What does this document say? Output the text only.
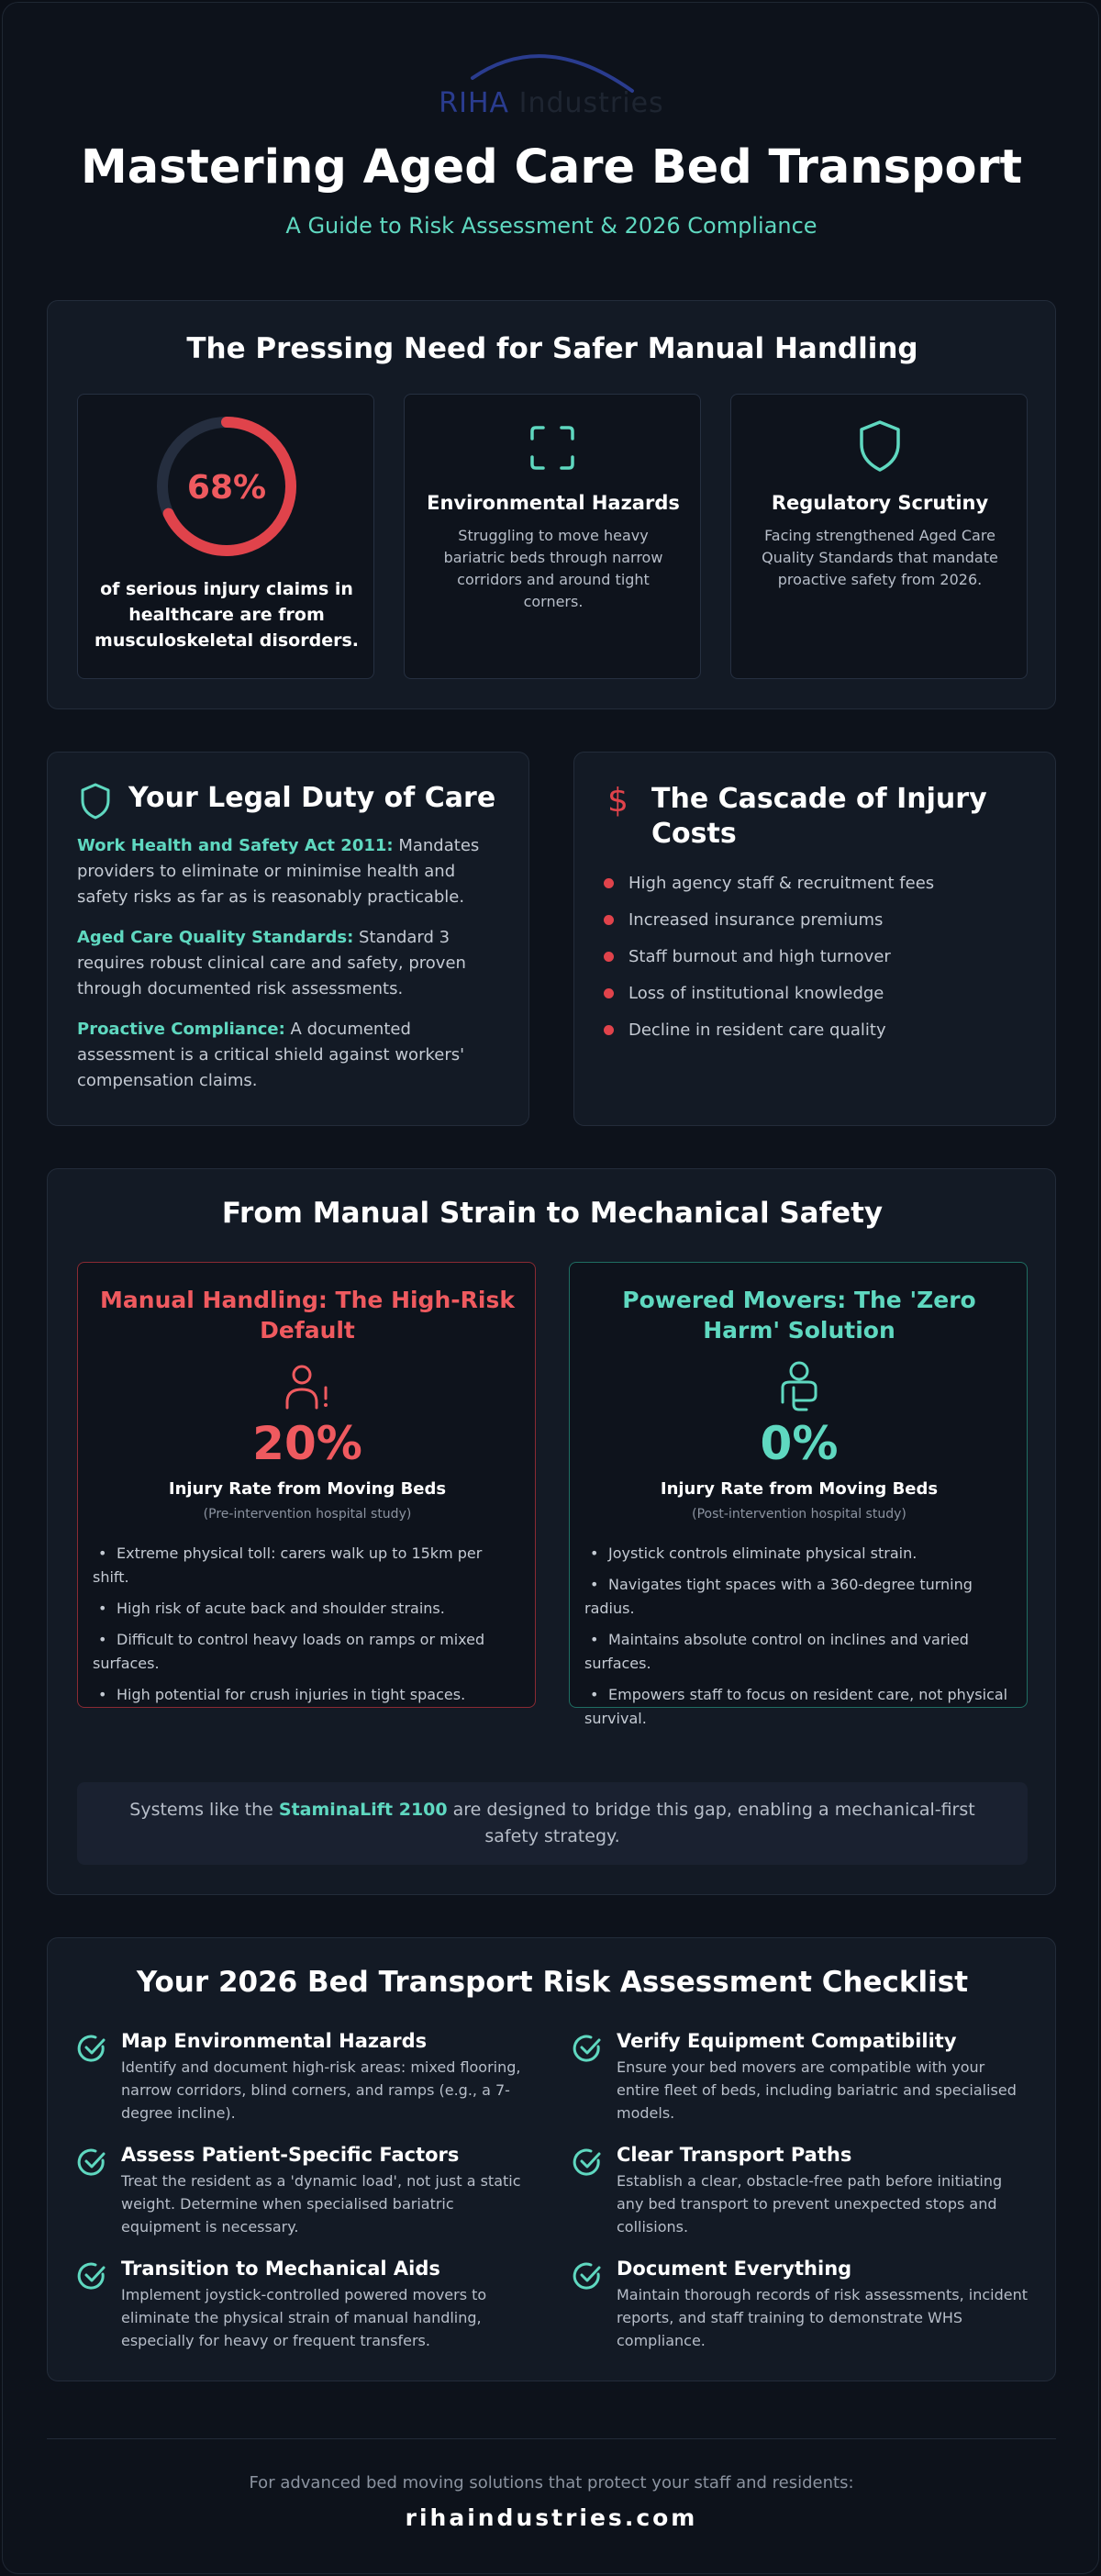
RIHA Industries
Mastering Aged Care Bed Transport
A Guide to Risk Assessment & 2026 Compliance
The Pressing Need for Safer Manual Handling
68%
of serious injury claims in healthcare are from musculoskeletal disorders.
Environmental Hazards
Struggling to move heavy bariatric beds through narrow corridors and around tight corners.
Regulatory Scrutiny
Facing strengthened Aged Care Quality Standards that mandate proactive safety from 2026.
Your Legal Duty of Care
Work Health and Safety Act 2011: Mandates providers to eliminate or minimise health and safety risks as far as is reasonably practicable.
Aged Care Quality Standards: Standard 3 requires robust clinical care and safety, proven through documented risk assessments.
Proactive Compliance: A documented assessment is a critical shield against workers' compensation claims.
$ The Cascade of Injury Costs
High agency staff & recruitment fees
Increased insurance premiums
Staff burnout and high turnover
Loss of institutional knowledge
Decline in resident care quality
From Manual Strain to Mechanical Safety
Manual Handling: The High-Risk Default
20%
Injury Rate from Moving Beds
(Pre-intervention hospital study)
• Extreme physical toll: carers walk up to 15km per shift.
• High risk of acute back and shoulder strains.
• Difficult to control heavy loads on ramps or mixed surfaces.
• High potential for crush injuries in tight spaces.
Powered Movers: The 'Zero Harm' Solution
0%
Injury Rate from Moving Beds
(Post-intervention hospital study)
• Joystick controls eliminate physical strain.
• Navigates tight spaces with a 360-degree turning radius.
• Maintains absolute control on inclines and varied surfaces.
• Empowers staff to focus on resident care, not physical survival.
Systems like the StaminaLift 2100 are designed to bridge this gap, enabling a mechanical-first safety strategy.
Your 2026 Bed Transport Risk Assessment Checklist
Map Environmental Hazards
Identify and document high-risk areas: mixed flooring, narrow corridors, blind corners, and ramps (e.g., a 7-degree incline).
Assess Patient-Specific Factors
Treat the resident as a 'dynamic load', not just a static weight. Determine when specialised bariatric equipment is necessary.
Transition to Mechanical Aids
Implement joystick-controlled powered movers to eliminate the physical strain of manual handling, especially for heavy or frequent transfers.
Verify Equipment Compatibility
Ensure your bed movers are compatible with your entire fleet of beds, including bariatric and specialised models.
Clear Transport Paths
Establish a clear, obstacle-free path before initiating any bed transport to prevent unexpected stops and collisions.
Document Everything
Maintain thorough records of risk assessments, incident reports, and staff training to demonstrate WHS compliance.
For advanced bed moving solutions that protect your staff and residents:
rihaindustries.com
